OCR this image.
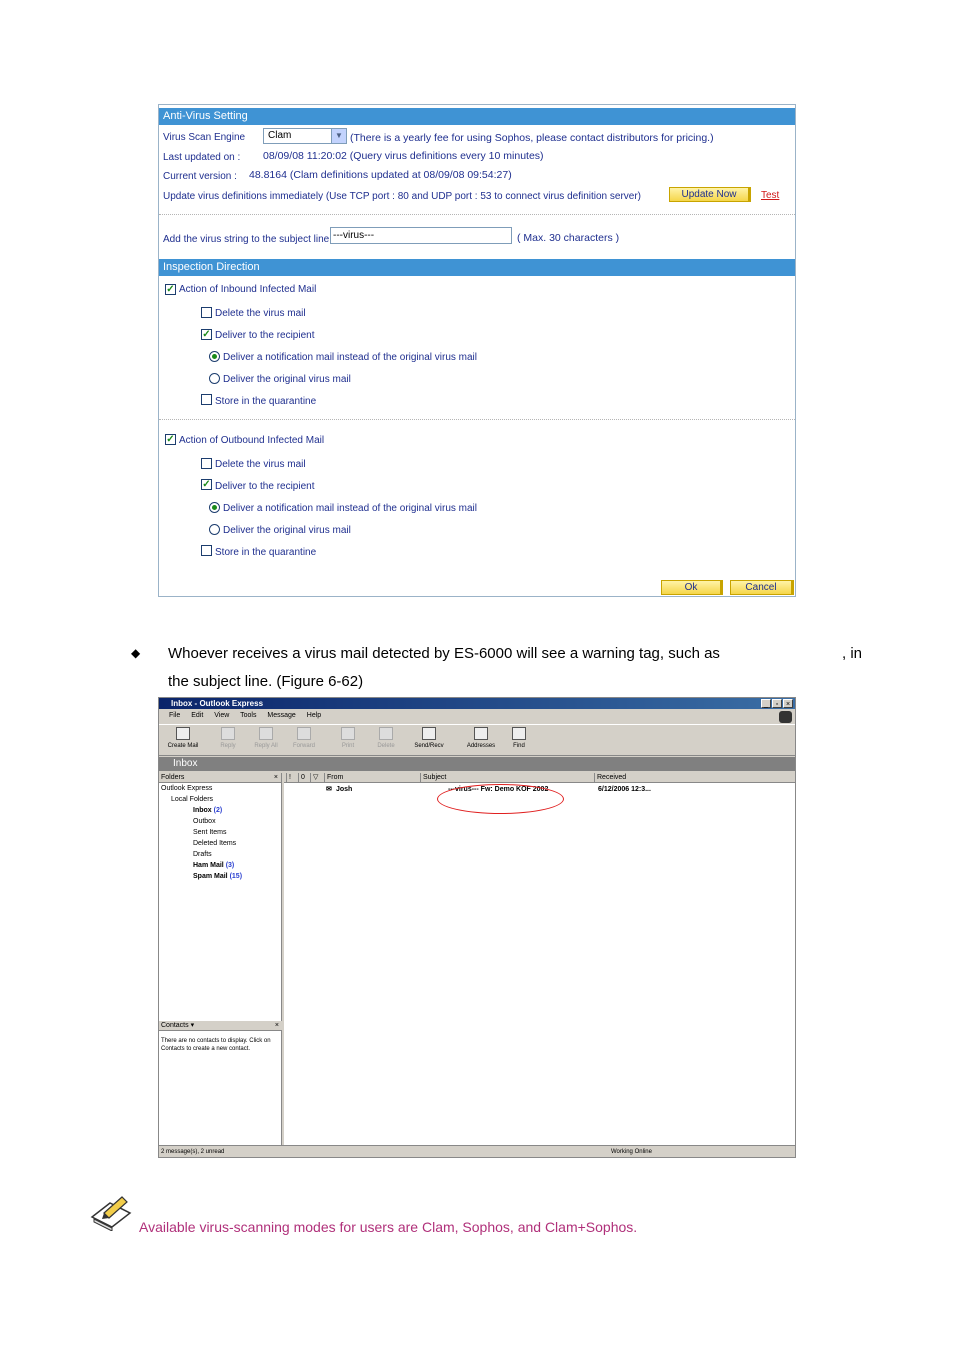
Anti-Virus Setting
Virus Scan Engine	Clam	▼ (There is a yearly fee for using Sophos, please contact distributors for pricing.)
Last updated on : 08/09/08 11:20:02 (Query virus definitions every 10 minutes)
Current version : 48.8164 (Clam definitions updated at 08/09/08 09:54:27)
Update virus definitions immediately (Use TCP port : 80 and UDP port : 53 to connect virus definition server)	Update Now	Test
Add the virus string to the subject line ---virus---	( Max. 30 characters )
Inspection Direction
✓ Action of Inbound Infected Mail
Delete the virus mail
✓ Deliver to the recipient
Deliver a notification mail instead of the original virus mail
Deliver the original virus mail
Store in the quarantine
✓ Action of Outbound Infected Mail
Delete the virus mail
✓ Deliver to the recipient
Deliver a notification mail instead of the original virus mail
Deliver the original virus mail
Store in the quarantine
Ok	Cancel
◆ Whoever receives a virus mail detected by ES-6000 will see a warning tag, such as	, in
the subject line. (Figure 6-62)
Inbox - Outlook Express	_	▫	×
File Edit View Tools Message Help
Create Mail	Reply	Reply All	Forward	Print	Delete	Send/Recv	Addresses	Find
Inbox
Folders	×
Outlook Express
Local Folders
Inbox (2)
Outbox
Sent Items
Deleted Items
Drafts
Ham Mail (3)
Spam Mail (15)
Contacts ▾	×
There are no contacts to display. Click on Contacts to create a new contact.
!	0	▽	From	Subject	Received
✉ Josh	---virus--- Fw: Demo KOF 2002	6/12/2006 12:3...
2 message(s), 2 unread	Working Online
Available virus-scanning modes for users are Clam, Sophos, and Clam+Sophos.
